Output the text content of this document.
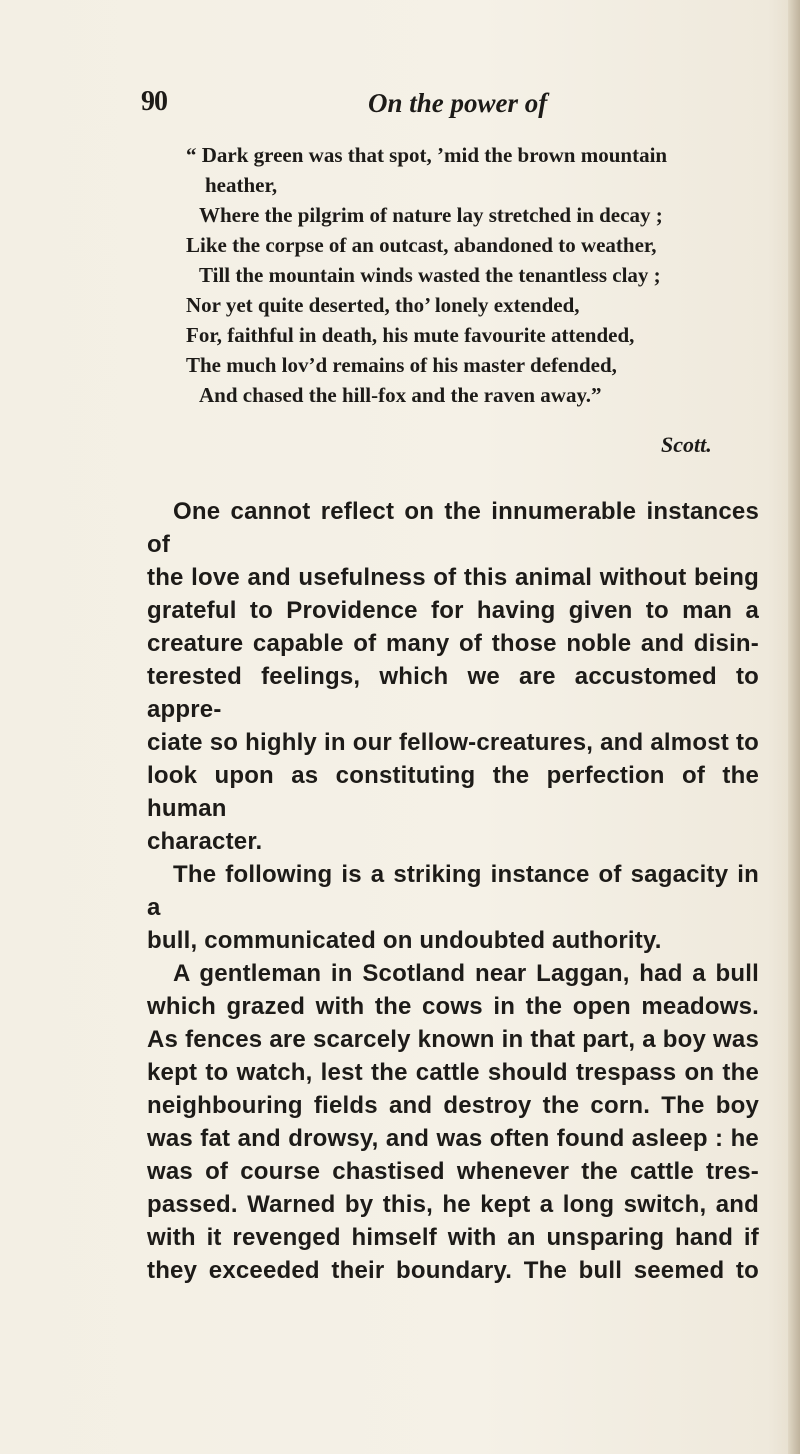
90	On the power of
“ Dark green was that spot, ’mid the brown mountain
heather,
Where the pilgrim of nature lay stretched in decay ;
Like the corpse of an outcast, abandoned to weather,
Till the mountain winds wasted the tenantless clay ;
Nor yet quite deserted, tho’ lonely extended,
For, faithful in death, his mute favourite attended,
The much lov’d remains of his master defended,
And chased the hill-fox and the raven away.”
Scott.

One cannot reflect on the innumerable instances of
the love and usefulness of this animal without being
grateful to Providence for having given to man a
creature capable of many of those noble and disin-
terested feelings, which we are accustomed to appre-
ciate so highly in our fellow-creatures, and almost to
look upon as constituting the perfection of the human
character.

The following is a striking instance of sagacity in a
bull, communicated on undoubted authority.

A gentleman in Scotland near Laggan, had a bull
which grazed with the cows in the open meadows.
As fences are scarcely known in that part, a boy was
kept to watch, lest the cattle should trespass on the
neighbouring fields and destroy the corn. The boy
was fat and drowsy, and was often found asleep : he
was of course chastised whenever the cattle tres-
passed. Warned by this, he kept a long switch, and
with it revenged himself with an unsparing hand if
they exceeded their boundary. The bull seemed to
